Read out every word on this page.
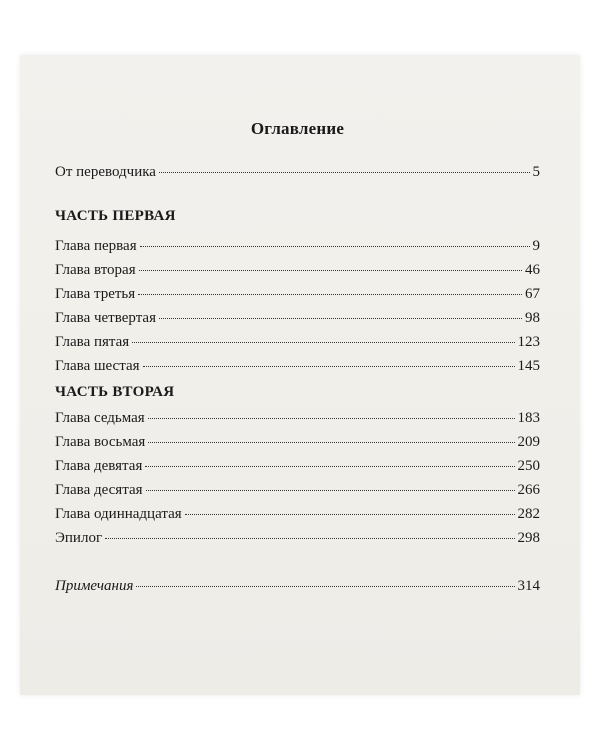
Оглавление
От переводчика	5
ЧАСТЬ ПЕРВАЯ
Глава первая	9
Глава вторая	46
Глава третья	67
Глава четвертая	98
Глава пятая	123
Глава шестая	145
ЧАСТЬ ВТОРАЯ
Глава седьмая	183
Глава восьмая	209
Глава девятая	250
Глава десятая	266
Глава одиннадцатая	282
Эпилог	298
Примечания	314
